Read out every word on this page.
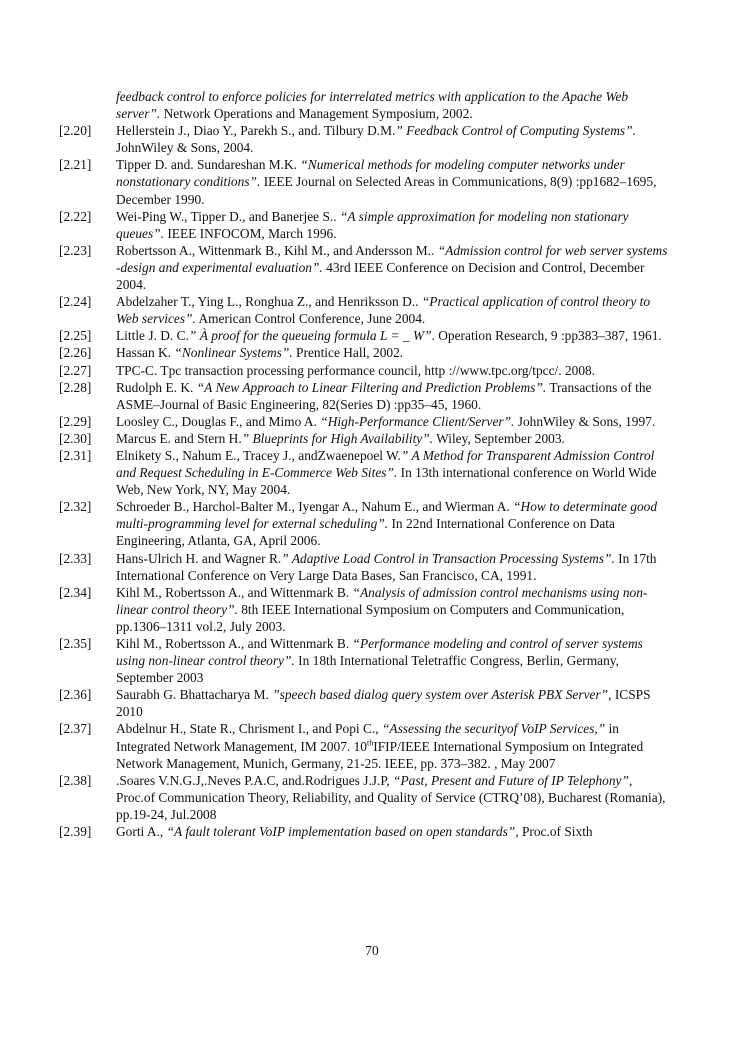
feedback control to enforce policies for interrelated metrics with application to the Apache Web server”. Network Operations and Management Symposium, 2002.
[2.20]	Hellerstein J., Diao Y., Parekh S., and. Tilbury D.M.” Feedback Control of Computing Systems”. JohnWiley & Sons, 2004.
[2.21]	Tipper D. and. Sundareshan M.K. “Numerical methods for modeling computer networks under nonstationary conditions”. IEEE Journal on Selected Areas in Communications, 8(9) :pp1682–1695, December 1990.
[2.22]	Wei-Ping W., Tipper D., and Banerjee S.. “A simple approximation for modeling non stationary queues”. IEEE INFOCOM, March 1996.
[2.23]	Robertsson A., Wittenmark B., Kihl M., and Andersson M.. “Admission control for web server systems -design and experimental evaluation”. 43rd IEEE Conference on Decision and Control, December 2004.
[2.24]	Abdelzaher T., Ying L., Ronghua Z., and Henriksson D.. “Practical application of control theory to Web services”. American Control Conference, June 2004.
[2.25]	Little J. D. C.” À proof for the queueing formula L = _ W”. Operation Research, 9 :pp383–387, 1961.
[2.26]	Hassan K. “Nonlinear Systems”. Prentice Hall, 2002.
[2.27]	TPC-C. Tpc transaction processing performance council, http ://www.tpc.org/tpcc/. 2008.
[2.28]	Rudolph E. K. “A New Approach to Linear Filtering and Prediction Problems”. Transactions of the ASME–Journal of Basic Engineering, 82(Series D) :pp35–45, 1960.
[2.29]	Loosley C., Douglas F., and Mimo A. “High-Performance Client/Server”. JohnWiley & Sons, 1997.
[2.30]	Marcus E. and Stern H.” Blueprints for High Availability”. Wiley, September 2003.
[2.31]	Elnikety S., Nahum E., Tracey J., andZwaenepoel W.” A Method for Transparent Admission Control and Request Scheduling in E-Commerce Web Sites”. In 13th international conference on World Wide Web, New York, NY, May 2004.
[2.32]	Schroeder B., Harchol-Balter M., Iyengar A., Nahum E., and Wierman A. “How to determinate good multi-programming level for external scheduling”. In 22nd International Conference on Data Engineering, Atlanta, GA, April 2006.
[2.33]	Hans-Ulrich H. and Wagner R.” Adaptive Load Control in Transaction Processing Systems”. In 17th International Conference on Very Large Data Bases, San Francisco, CA, 1991.
[2.34]	Kihl M., Robertsson A., and Wittenmark B. “Analysis of admission control mechanisms using non-linear control theory”. 8th IEEE International Symposium on Computers and Communication, pp.1306–1311 vol.2, July 2003.
[2.35]	Kihl M., Robertsson A., and Wittenmark B. “Performance modeling and control of server systems using non-linear control theory”. In 18th International Teletraffic Congress, Berlin, Germany, September 2003
[2.36]	Saurabh G. Bhattacharya M. ”speech based dialog query system over Asterisk PBX Server”, ICSPS 2010
[2.37]	Abdelnur H., State R., Chrisment I., and Popi C., “Assessing the securityof VoIP Services,” in Integrated Network Management, IM 2007. 10thIFIP/IEEE International Symposium on Integrated Network Management, Munich, Germany, 21-25. IEEE, pp. 373–382. , May 2007
[2.38]	.Soares V.N.G.J,.Neves P.A.C, and.Rodrigues J.J.P, “Past, Present and Future of IP Telephony”, Proc.of Communication Theory, Reliability, and Quality of Service (CTRQ’08), Bucharest (Romania), pp.19-24, Jul.2008
[2.39]	Gorti A., “A fault tolerant VoIP implementation based on open standards”, Proc.of Sixth
70
